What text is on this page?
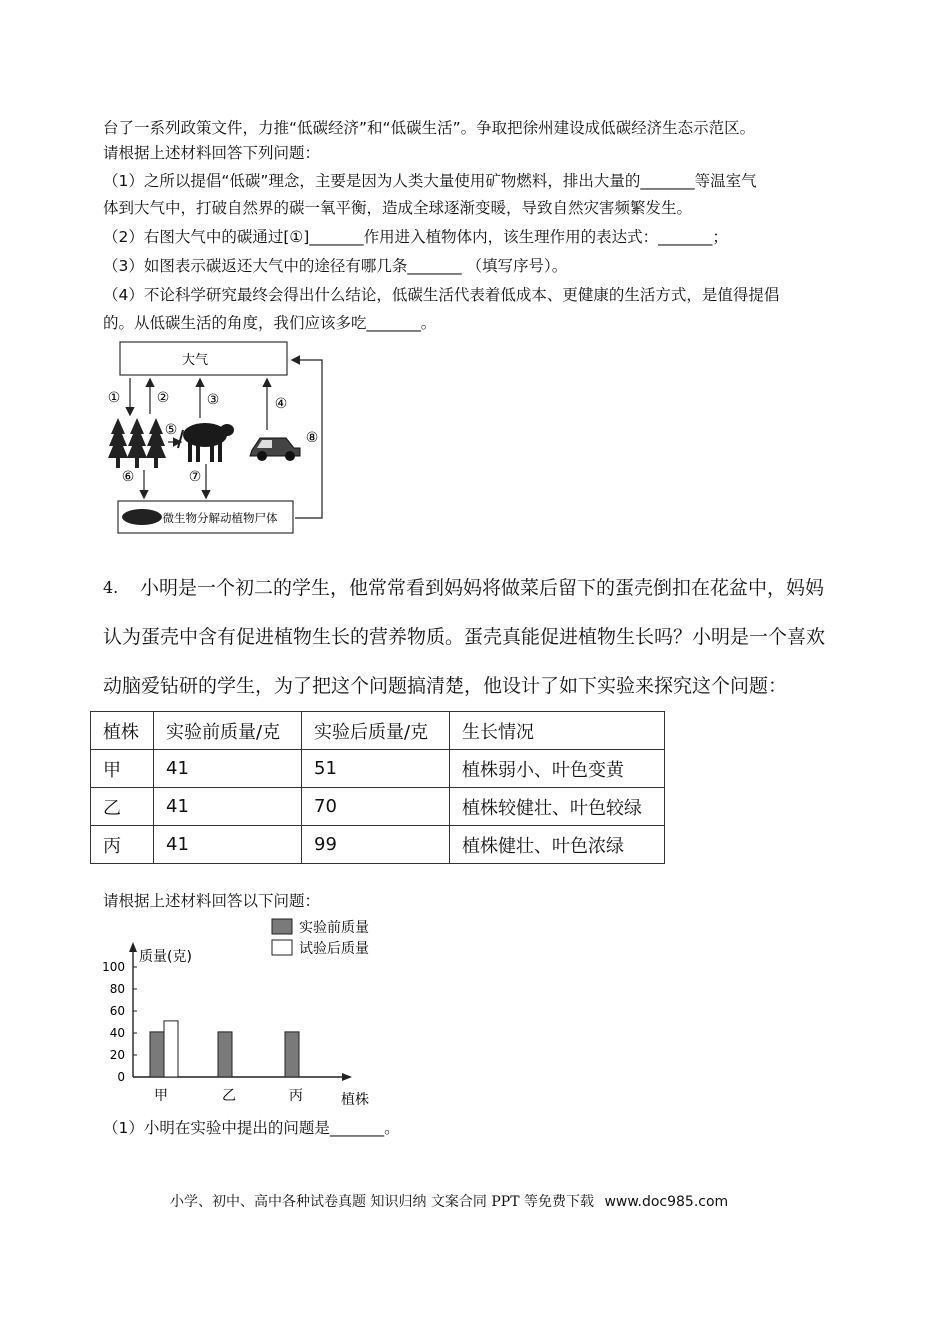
台了一系列政策文件，力推“低碳经济”和“低碳生活”。争取把徐州建设成低碳经济生态示范区。
请根据上述材料回答下列问题：
（1）之所以提倡“低碳”理念，主要是因为人类大量使用矿物燃料，排出大量的_______等温室气
体到大气中，打破自然界的碳一氧平衡，造成全球逐渐变暖，导致自然灾害频繁发生。
（2）右图大气中的碳通过[①]_______作用进入植物体内，该生理作用的表达式：_______；
（3）如图表示碳返还大气中的途径有哪几条_______ （填写序号）。
（4）不论科学研究最终会得出什么结论，低碳生活代表着低成本、更健康的生活方式，是值得提倡
的。从低碳生活的角度，我们应该多吃_______。
大气
微生物分解动植物尸体
①	②	③	④
⑤
⑥	⑦
⑧
4. 小明是一个初二的学生，他常常看到妈妈将做菜后留下的蛋壳倒扣在花盆中，妈妈
认为蛋壳中含有促进植物生长的营养物质。蛋壳真能促进植物生长吗？小明是一个喜欢
动脑爱钻研的学生，为了把这个问题搞清楚，他设计了如下实验来探究这个问题：
植株	实验前质量/克	实验后质量/克	生长情况
甲	41	51	植株弱小、叶色变黄
乙	41	70	植株较健壮、叶色较绿
丙	41	99	植株健壮、叶色浓绿
请根据上述材料回答以下问题：
实验前质量
试验后质量
质量(克)
植株
0
20
40
60
80
100
甲	乙	丙
（1）小明在实验中提出的问题是_______。
小学、初中、高中各种试卷真题 知识归纳 文案合同 PPT 等免费下载 www.doc985.com
